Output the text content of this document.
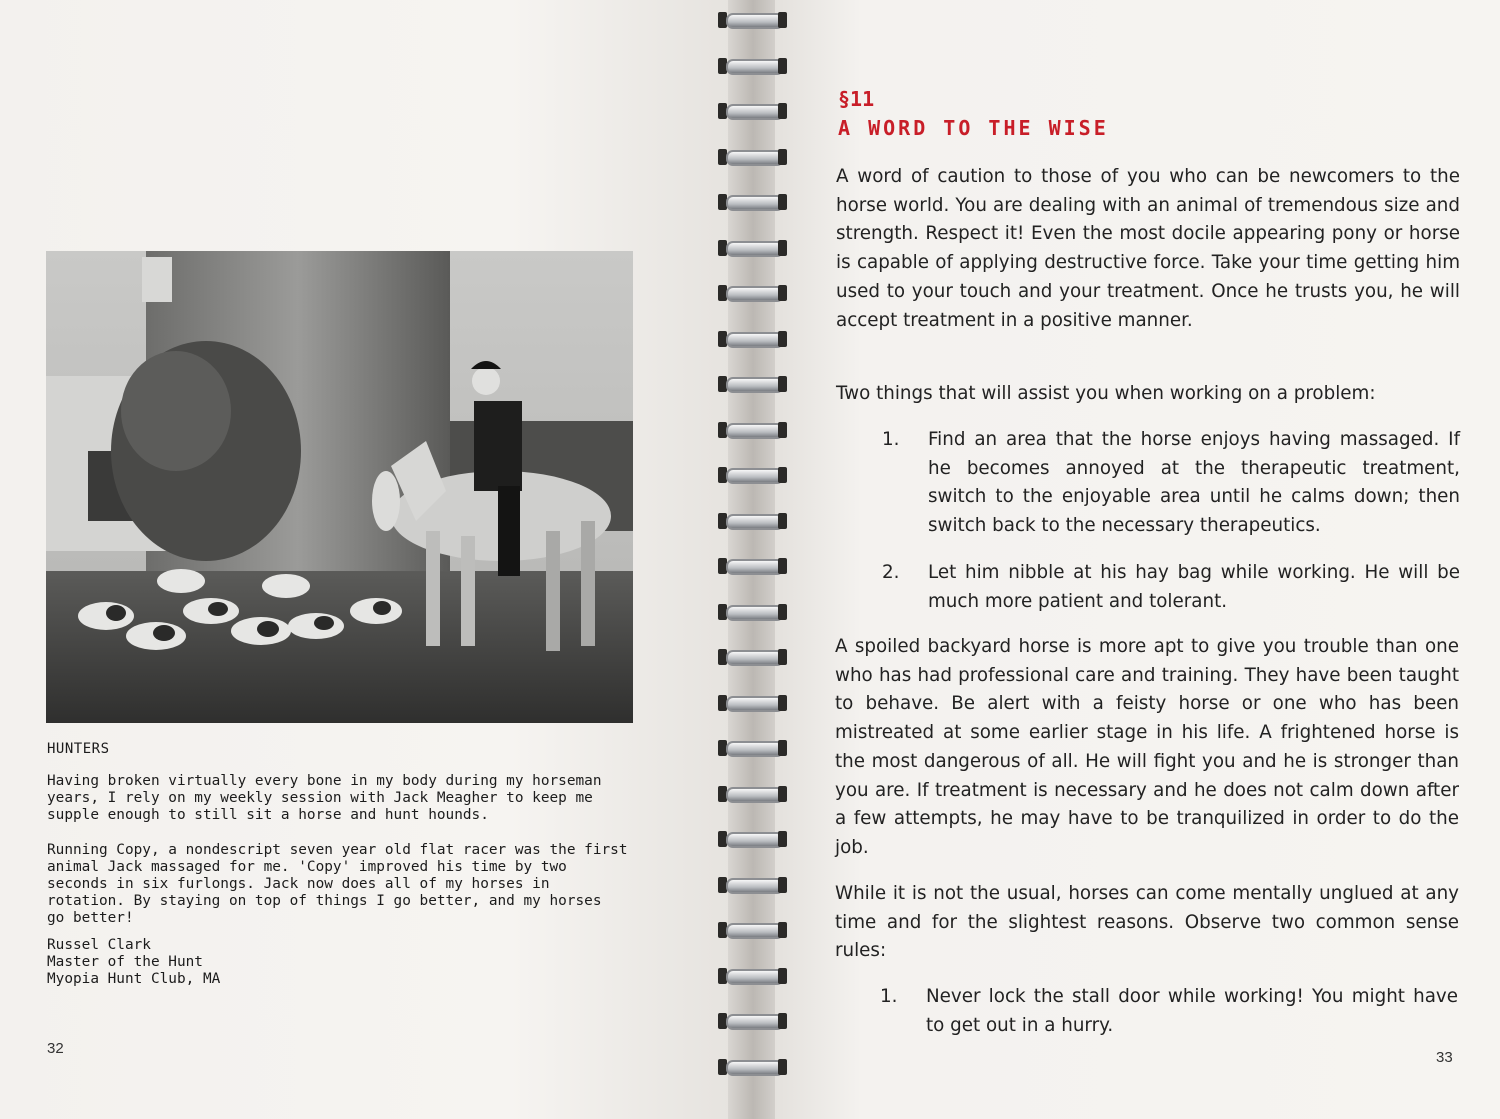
HUNTERS

Having broken virtually every bone in my body during my horseman
years, I rely on my weekly session with Jack Meagher to keep me
supple enough to still sit a horse and hunt hounds.

Running Copy, a nondescript seven year old flat racer was the first
animal Jack massaged for me. 'Copy' improved his time by two
seconds in six furlongs. Jack now does all of my horses in
rotation. By staying on top of things I go better, and my horses
go better!

Russel Clark
Master of the Hunt
Myopia Hunt Club, MA

32
§11
A WORD TO THE WISE

A word of caution to those of you who can be newcomers to the horse world. You are dealing with an animal of tremendous size and strength. Respect it! Even the most docile appearing pony or horse is capable of applying destructive force. Take your time getting him used to your touch and your treatment. Once he trusts you, he will accept treatment in a positive manner.

Two things that will assist you when working on a problem:

1. Find an area that the horse enjoys having massaged. If he becomes annoyed at the therapeutic treatment, switch to the enjoyable area until he calms down; then switch back to the necessary therapeutics.
2. Let him nibble at his hay bag while working. He will be much more patient and tolerant.

A spoiled backyard horse is more apt to give you trouble than one who has had professional care and training. They have been taught to behave. Be alert with a feisty horse or one who has been mistreated at some earlier stage in his life. A frightened horse is the most dangerous of all. He will fight you and he is stronger than you are. If treatment is necessary and he does not calm down after a few attempts, he may have to be tranquilized in order to do the job.

While it is not the usual, horses can come mentally unglued at any time and for the slightest reasons. Observe two common sense rules:

1. Never lock the stall door while working! You might have to get out in a hurry.
33
